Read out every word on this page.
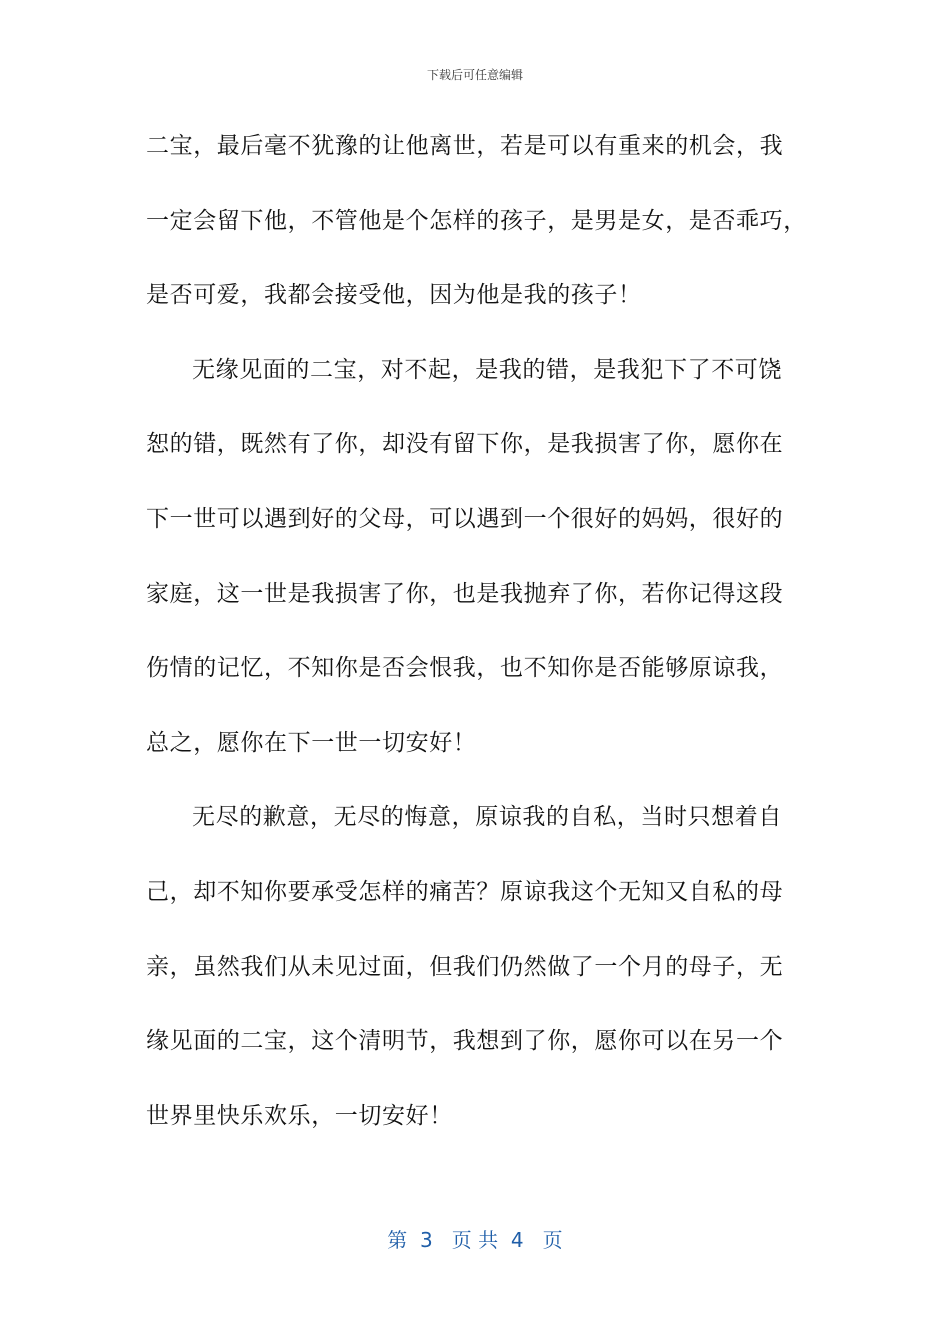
下载后可任意编辑
二宝，最后毫不犹豫的让他离世，若是可以有重来的机会，我
一定会留下他，不管他是个怎样的孩子，是男是女，是否乖巧，
是否可爱，我都会接受他，因为他是我的孩子！
无缘见面的二宝，对不起，是我的错，是我犯下了不可饶
恕的错，既然有了你，却没有留下你，是我损害了你，愿你在
下一世可以遇到好的父母，可以遇到一个很好的妈妈，很好的
家庭，这一世是我损害了你，也是我抛弃了你，若你记得这段
伤情的记忆，不知你是否会恨我，也不知你是否能够原谅我，
总之，愿你在下一世一切安好！
无尽的歉意，无尽的悔意，原谅我的自私，当时只想着自
己，却不知你要承受怎样的痛苦？原谅我这个无知又自私的母
亲，虽然我们从未见过面，但我们仍然做了一个月的母子，无
缘见面的二宝，这个清明节，我想到了你，愿你可以在另一个
世界里快乐欢乐，一切安好！
第  3   页 共  4   页
